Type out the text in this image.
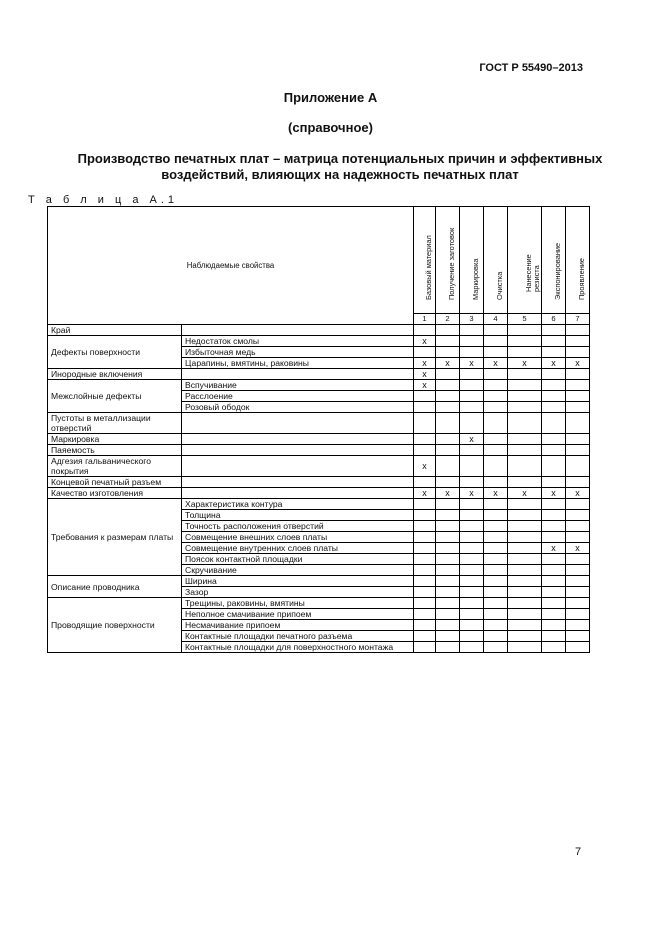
ГОСТ Р 55490–2013
Приложение А
(справочное)
Производство печатных плат – матрица потенциальных причин и эффективных воздействий, влияющих на надежность печатных плат
Т а б л и ц а А.1
Наблюдаемые свойства		Базовый материал	Получение заготовок	Маркировка	Очистка	Нанесение резиста	Экспонирование	Проявление

		1	2	3	4	5	6	7
Край								
Дефекты поверхности	Недостаток смолы	x						
	Избыточная медь							
	Царапины, вмятины, раковины	x	x	x	x	x	x	x
Инородные включения		x						
Межслойные дефекты	Вспучивание	x						
	Расслоение							
	Розовый ободок							
Пустоты в металлизации отверстий								
Маркировка				x				
Паяемость								
Адгезия гальванического покрытия		x						
Концевой печатный разъем								
Качество изготовления		x	x	x	x	x	x	x
Требования к размерам платы	Характеристика контура							
	Толщина							
	Точность расположения отверстий							
	Совмещение внешних слоев платы							
	Совмещение внутренних слоев платы						x	x
	Поясок контактной площадки							
	Скручивание							
Описание проводника	Ширина							
	Зазор							
Проводящие поверхности	Трещины, раковины, вмятины							
	Неполное смачивание припоем							
	Несмачивание припоем							
	Контактные площадки печатного разъема							
	Контактные площадки для поверхностного монтажа							
7
